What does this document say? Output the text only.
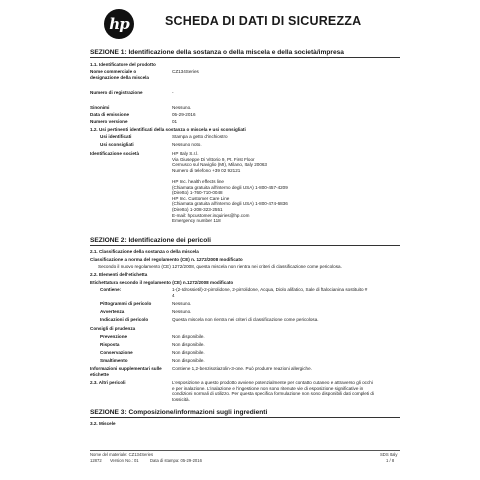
hp	SCHEDA DI DATI DI SICUREZZA
SEZIONE 1: Identificazione della sostanza o della miscela e della società/impresa
1.1. Identificatore del prodotto
Nome commerciale o designazione della miscela
CZ134Series
Numero di registrazione	-
Sinonimi	Nessuno.
Data di emissione	05-29-2016
Numero versione	01
1.2. Usi pertinenti identificati della sostanza o miscela e usi sconsigliati
Usi identificati	Stampa a getto d'inchiostro
Usi sconsigliati	Nessuno noto.
Identificazione società	HP Italy S.r.l.
Via Giuseppe Di Vittorio 9, Pt. First Floor
Cernusco sul Naviglio (MI), Milano, Italy 20063
Numero di telefono +39 02 92121
HP Inc. health effects line
(Chiamata gratuita all'interno degli USA) 1-800-457-4209
(Diretto) 1-760-710-0048
HP Inc. Customer Care Line
(Chiamata gratuita all'interno degli USA) 1-800-474-6836
(Diretto) 1-208-323-2551
E-mail: hpcustomer.inquiries@hp.com
Emergency number 118
SEZIONE 2: Identificazione dei pericoli
2.1. Classificazione della sostanza o della miscela
Classificazione a norma del regolamento (CE) n. 1272/2008 modificato
Secondo il nuovo regolamento (CE) 1272/2008, questa miscela non rientra nei criteri di classificazione come pericolosa.
2.2. Elementi dell'etichetta
Etichettatura secondo il regolamento (CE) n.1272/2008 modificato
Contiene:	1-(2-Idrossietil)-2-pirrolidone, 2-pirrolidone, Acqua, Diolo alifatico, Sale di ftalocianina sostituito #
4
Pittogrammi di pericolo	Nessuno.
Avvertenza	Nessuno.
Indicazioni di pericolo	Questa miscela non rientra nei criteri di classificazione come pericolosa.
Consigli di prudenza
Prevenzione	Non disponibile.
Risposta	Non disponibile.
Conservazione	Non disponibile.
Smaltimento	Non disponibile.
Informazioni supplementari sulle etichette
Contiene 1,2-benzisotiazolin-3-one. Può produrre reazioni allergiche.
2.3. Altri pericoli	L'esposizione a questo prodotto avviene potenzialmente per contatto cutaneo e attraverso gli occhi
e per inalazione. L'inalazione e l'ingestione non sono ritenute vie di esposizione significative in
condizioni normali di utilizzo. Per questa specifica formulazione non sono disponibili dati completi di
tossicità.
SEZIONE 3: Composizione/informazioni sugli ingredienti
3.2. Miscele
Nome del materiale: CZ134Series
12872 Version No.: 01	Data di stampa: 05-29-2016
SDS Italy
1 / 8
